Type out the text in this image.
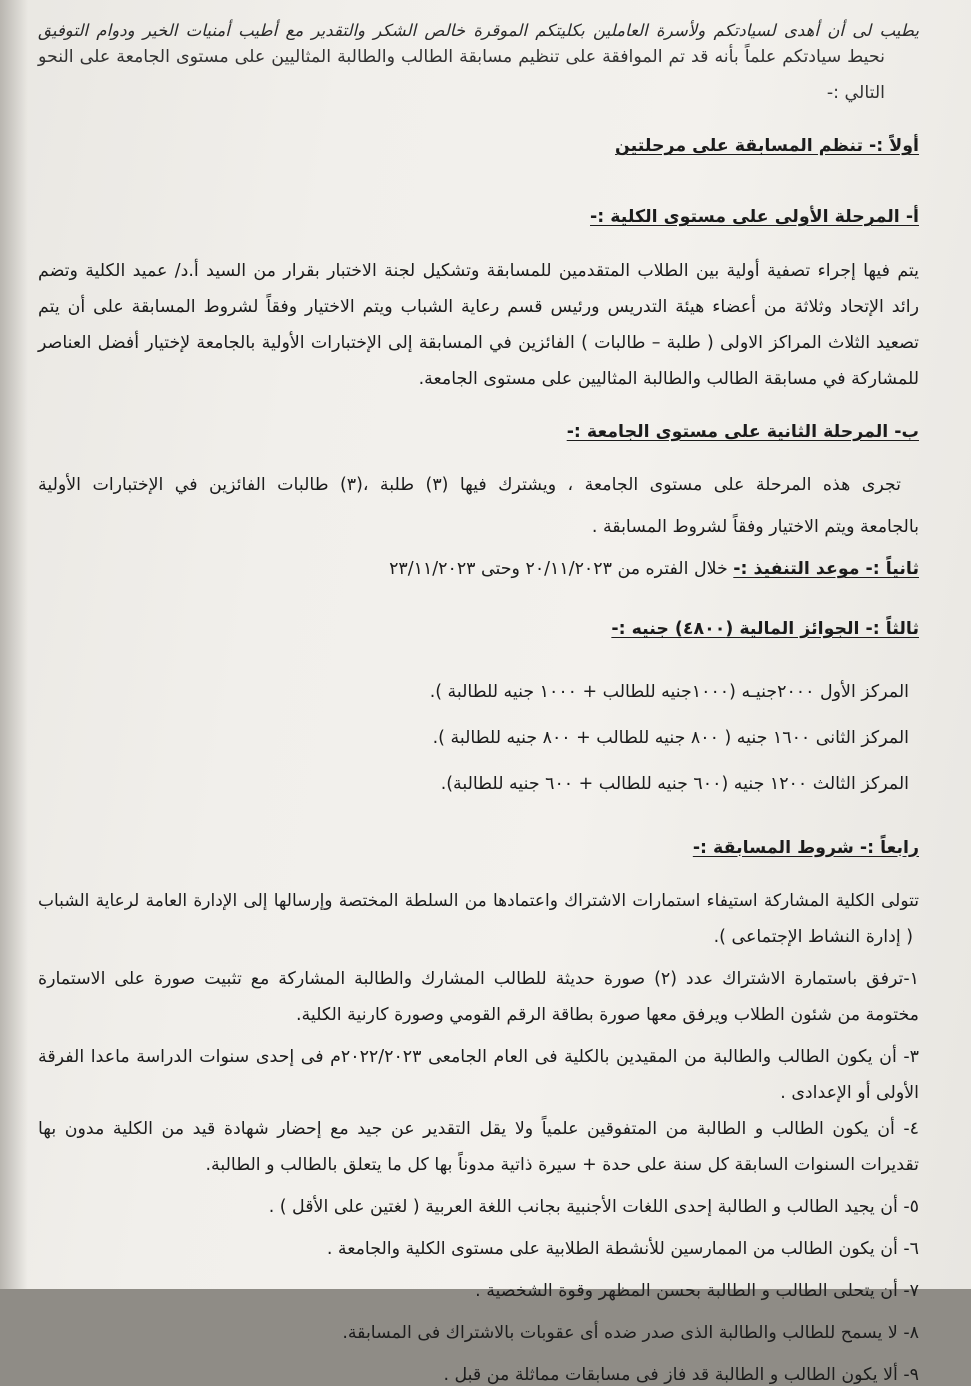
يطيب لى أن أهدى لسيادتكم ولأسرة العاملين بكليتكم الموقرة خالص الشكر والتقدير مع أطيب أمنيات الخير ودوام التوفيق

نحيط سيادتكم علماً بأنه قد تم الموافقة على تنظيم مسابقة الطالب والطالبة المثاليين على مستوى الجامعة على النحو

التالي :-

أولاً :- تنظم المسابقة على مرحلتين

أ- المرحلة الأولى على مستوى الكلية :-

يتم فيها إجراء تصفية أولية بين الطلاب المتقدمين للمسابقة وتشكيل لجنة الاختبار بقرار من السيد أ.د/ عميد الكلية وتضم

رائد الإتحاد وثلاثة من أعضاء هيئة التدريس ورئيس قسم رعاية الشباب ويتم الاختيار وفقاً لشروط المسابقة على أن يتم

تصعيد الثلاث المراكز الاولى ( طلبة – طالبات ) الفائزين في المسابقة إلى الإختبارات الأولية بالجامعة لإختيار أفضل العناصر

للمشاركة في مسابقة الطالب والطالبة المثاليين على مستوى الجامعة.

ب- المرحلة الثانية على مستوى الجامعة :-

تجرى هذه المرحلة على مستوى الجامعة ، ويشترك فيها (٣) طلبة ،(٣) طالبات الفائزين في الإختبارات الأولية

بالجامعة ويتم الاختيار وفقاً لشروط المسابقة .

ثانياً :- موعد التنفيذ :- خلال الفتره من ٢٠/١١/٢٠٢٣ وحتى ٢٣/١١/٢٠٢٣

ثالثاً :- الجوائز المالية (٤٨٠٠) جنيه :-

المركز الأول ٢٠٠٠جنيـه (١٠٠٠جنيه للطالب + ١٠٠٠ جنيه للطالبة ).

المركز الثانى ١٦٠٠ جنيه ( ٨٠٠ جنيه للطالب + ٨٠٠ جنيه للطالبة ).

المركز الثالث ١٢٠٠ جنيه (٦٠٠ جنيه للطالب + ٦٠٠ جنيه للطالبة).

رابعاً :- شروط المسابقة :-

تتولى الكلية المشاركة استيفاء استمارات الاشتراك واعتمادها من السلطة المختصة وإرسالها إلى الإدارة العامة لرعاية الشباب

( إدارة النشاط الإجتماعى ).

١-ترفق باستمارة الاشتراك عدد (٢) صورة حديثة للطالب المشارك والطالبة المشاركة مع تثبيت صورة على الاستمارة

مختومة من شئون الطلاب ويرفق معها صورة بطاقة الرقم القومي وصورة كارنية الكلية.

٣- أن يكون الطالب والطالبة من المقيدين بالكلية فى العام الجامعى ٢٠٢٢/٢٠٢٣م فى إحدى سنوات الدراسة ماعدا الفرقة

الأولى أو الإعدادى .

٤- أن يكون الطالب و الطالبة من المتفوقين علمياً ولا يقل التقدير عن جيد مع إحضار شهادة قيد من الكلية مدون بها

تقديرات السنوات السابقة كل سنة على حدة + سيرة ذاتية مدوناً بها كل ما يتعلق بالطالب و الطالبة.

٥- أن يجيد الطالب و الطالبة إحدى اللغات الأجنبية بجانب اللغة العربية ( لغتين على الأقل ) .

٦- أن يكون الطالب من الممارسين للأنشطة الطلابية على مستوى الكلية والجامعة .

٧- أن يتحلى الطالب و الطالبة بحسن المظهر وقوة الشخصية .

٨- لا يسمح للطالب والطالبة الذى صدر ضده أى عقوبات بالاشتراك فى المسابقة.

٩- ألا يكون الطالب و الطالبة قد فاز فى مسابقات مماثلة من قبل .
